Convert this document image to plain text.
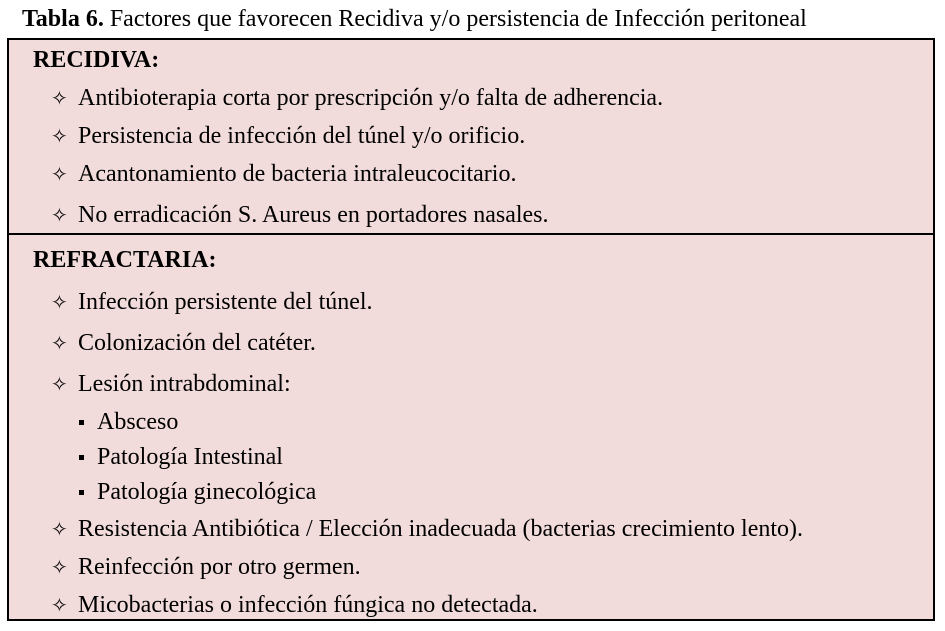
Tabla 6. Factores que favorecen Recidiva y/o persistencia de Infección peritoneal
RECIDIVA:
✧ Antibioterapia corta por prescripción y/o falta de adherencia.
✧ Persistencia de infección del túnel y/o orificio.
✧ Acantonamiento de bacteria intraleucocitario.
✧ No erradicación S. Aureus en portadores nasales.
REFRACTARIA:
✧ Infección persistente del túnel.
✧ Colonización del catéter.
✧ Lesión intrabdominal:
Absceso
Patología Intestinal
Patología ginecológica
✧ Resistencia Antibiótica / Elección inadecuada (bacterias crecimiento lento).
✧ Reinfección por otro germen.
✧ Micobacterias o infección fúngica no detectada.
